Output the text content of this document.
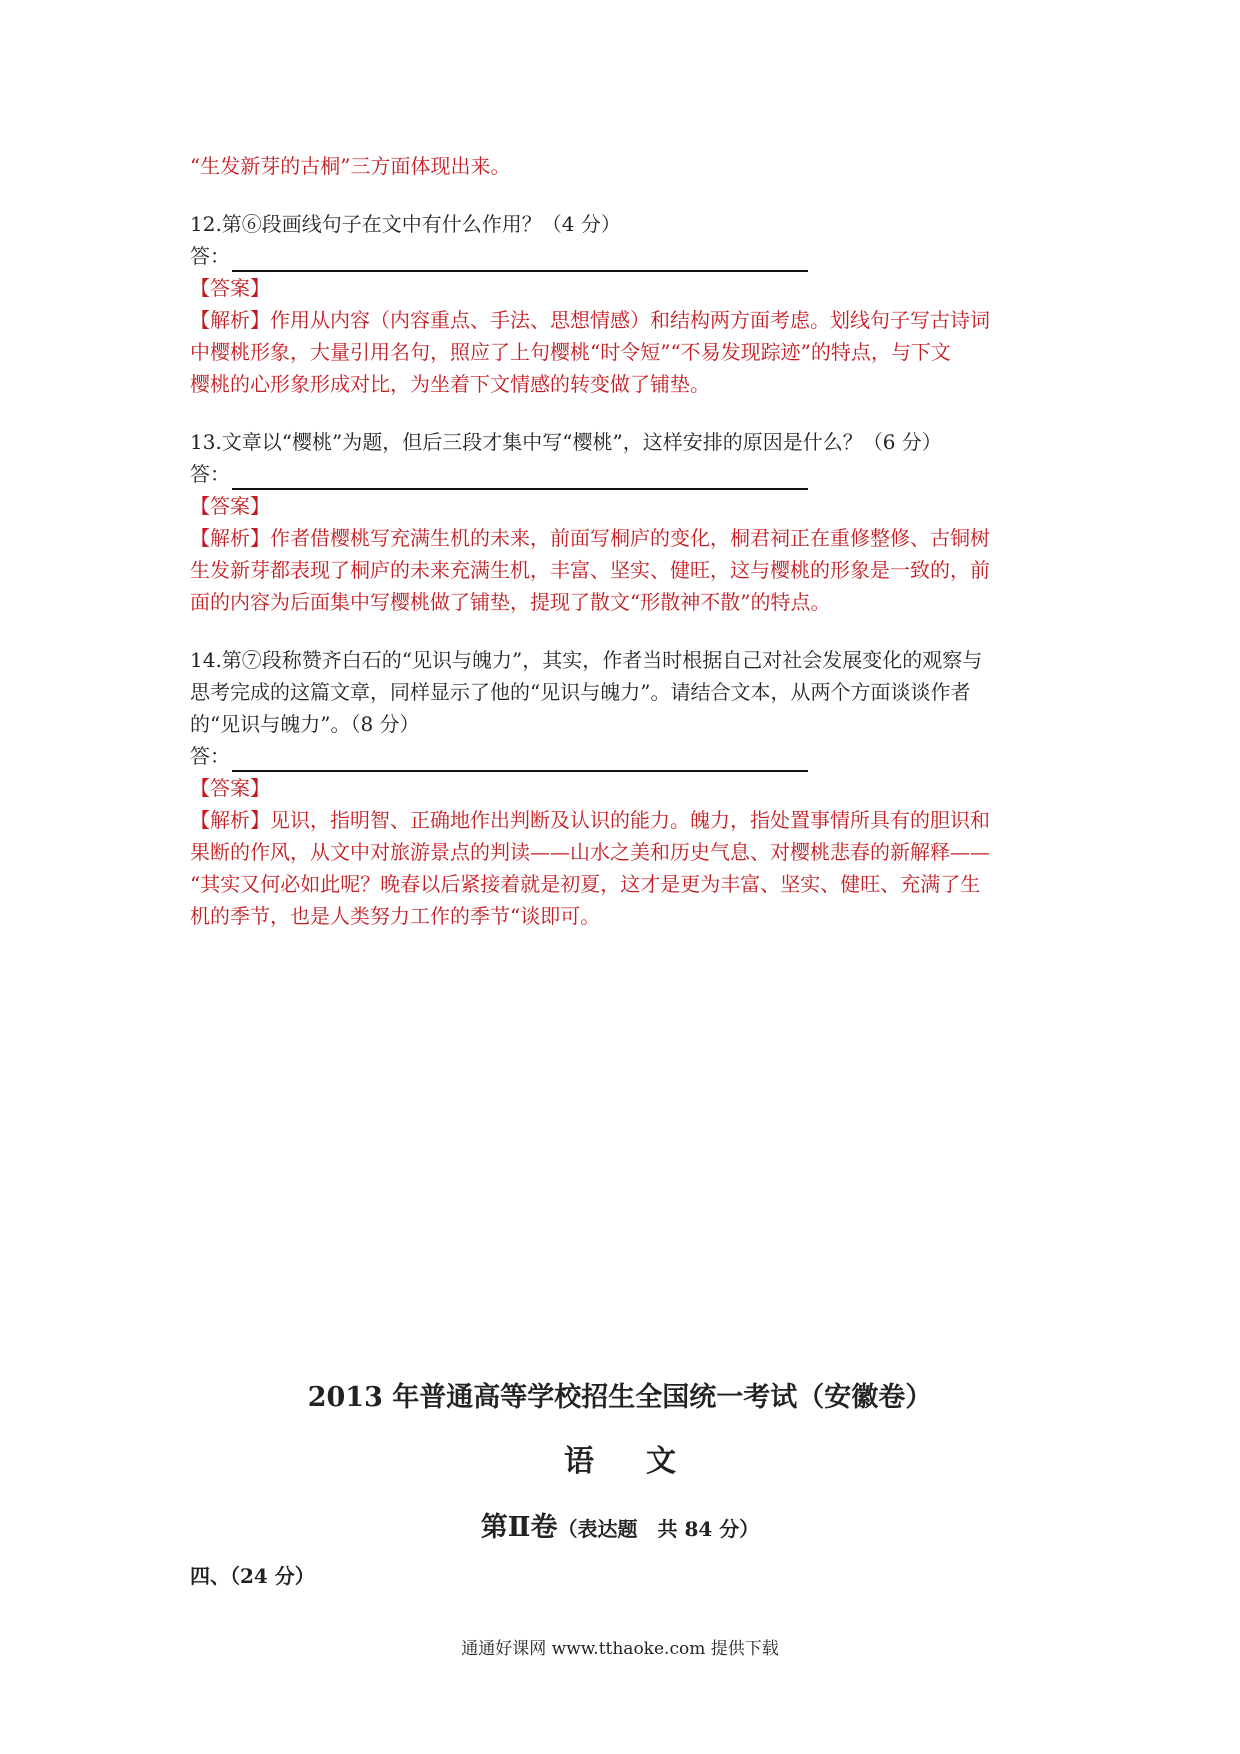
“生发新芽的古桐”三方面体现出来。

12.第⑥段画线句子在文中有什么作用？（4 分）

答：

【答案】

【解析】作用从内容（内容重点、手法、思想情感）和结构两方面考虑。划线句子写古诗词
中樱桃形象，大量引用名句，照应了上句樱桃“时令短”“不易发现踪迹”的特点，与下文
樱桃的心形象形成对比，为坐着下文情感的转变做了铺垫。

13.文章以“樱桃”为题，但后三段才集中写“樱桃”，这样安排的原因是什么？（6 分）

答：

【答案】

【解析】作者借樱桃写充满生机的未来，前面写桐庐的变化，桐君祠正在重修整修、古铜树
生发新芽都表现了桐庐的未来充满生机，丰富、坚实、健旺，这与樱桃的形象是一致的，前
面的内容为后面集中写樱桃做了铺垫，提现了散文“形散神不散”的特点。
14.第⑦段称赞齐白石的“见识与魄力”，其实，作者当时根据自己对社会发展变化的观察与
思考完成的这篇文章，同样显示了他的“见识与魄力”。请结合文本，从两个方面谈谈作者
的“见识与魄力”。（8 分）
答：

【答案】

【解析】见识，指明智、正确地作出判断及认识的能力。魄力，指处置事情所具有的胆识和
果断的作风，从文中对旅游景点的判读——山水之美和历史气息、对樱桃悲春的新解释——
“其实又何必如此呢？晚春以后紧接着就是初夏，这才是更为丰富、坚实、健旺、充满了生
机的季节，也是人类努力工作的季节“谈即可。
2013 年普通高等学校招生全国统一考试（安徽卷）
语文
第Ⅱ卷（表达题　共 84 分）
四、（24 分）
通通好课网 www.tthaoke.com 提供下载
